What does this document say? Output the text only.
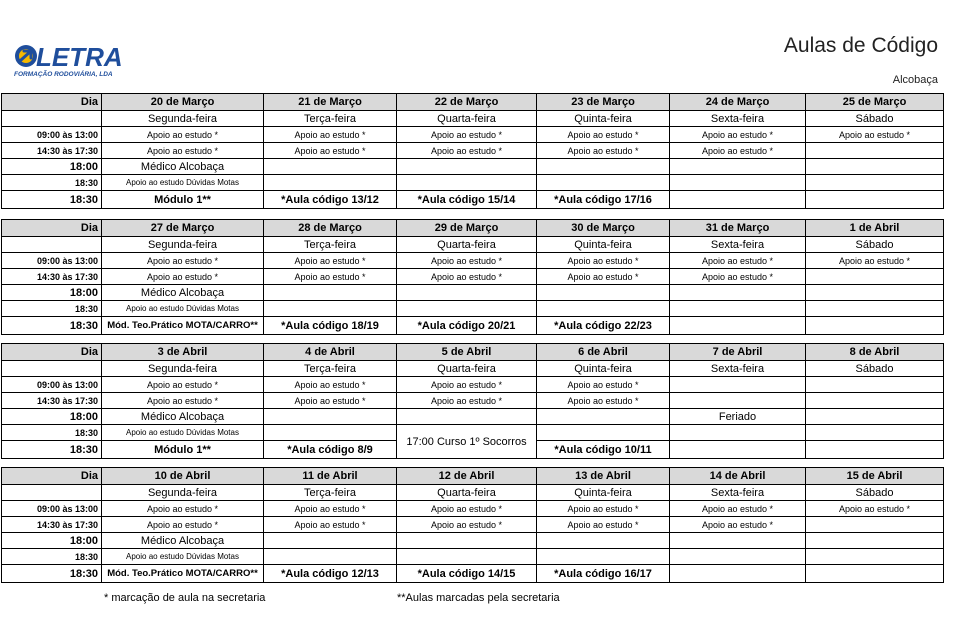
LETRA
FORMAÇÃO RODOVIÁRIA, LDA
Aulas de Código
Alcobaça
Dia	20 de Março	21 de Março	22 de Março	23 de Março	24 de Março	25 de Março
	Segunda-feira	Terça-feira	Quarta-feira	Quinta-feira	Sexta-feira	Sábado
09:00 às 13:00	Apoio ao estudo *	Apoio ao estudo *	Apoio ao estudo *	Apoio ao estudo *	Apoio ao estudo *	Apoio ao estudo *
14:30 às 17:30	Apoio ao estudo *	Apoio ao estudo *	Apoio ao estudo *	Apoio ao estudo *	Apoio ao estudo *	
18:00	Médico Alcobaça					
18:30	Apoio ao estudo Dúvidas Motas					
18:30	Módulo 1**	*Aula código 13/12	*Aula código 15/14	*Aula código 17/16		
Dia	27 de Março	28 de Março	29 de Março	30 de Março	31 de Março	1 de Abril
	Segunda-feira	Terça-feira	Quarta-feira	Quinta-feira	Sexta-feira	Sábado
09:00 às 13:00	Apoio ao estudo *	Apoio ao estudo *	Apoio ao estudo *	Apoio ao estudo *	Apoio ao estudo *	Apoio ao estudo *
14:30 às 17:30	Apoio ao estudo *	Apoio ao estudo *	Apoio ao estudo *	Apoio ao estudo *	Apoio ao estudo *	
18:00	Médico Alcobaça					
18:30	Apoio ao estudo Dúvidas Motas					
18:30	Mód. Teo.Prático MOTA/CARRO**	*Aula código 18/19	*Aula código 20/21	*Aula código 22/23		
Dia	3 de Abril	4 de Abril	5 de Abril	6 de Abril	7 de Abril	8 de Abril
	Segunda-feira	Terça-feira	Quarta-feira	Quinta-feira	Sexta-feira	Sábado
09:00 às 13:00	Apoio ao estudo *	Apoio ao estudo *	Apoio ao estudo *	Apoio ao estudo *		
14:30 às 17:30	Apoio ao estudo *	Apoio ao estudo *	Apoio ao estudo *	Apoio ao estudo *		
18:00	Médico Alcobaça				Feriado	
18:30	Apoio ao estudo Dúvidas Motas		17:00 Curso 1º Socorros			
18:30	Módulo 1**	*Aula código 8/9		*Aula código 10/11		
Dia	10 de Abril	11 de Abril	12 de Abril	13 de Abril	14 de Abril	15 de Abril
	Segunda-feira	Terça-feira	Quarta-feira	Quinta-feira	Sexta-feira	Sábado
09:00 às 13:00	Apoio ao estudo *	Apoio ao estudo *	Apoio ao estudo *	Apoio ao estudo *	Apoio ao estudo *	Apoio ao estudo *
14:30 às 17:30	Apoio ao estudo *	Apoio ao estudo *	Apoio ao estudo *	Apoio ao estudo *	Apoio ao estudo *	
18:00	Médico Alcobaça					
18:30	Apoio ao estudo Dúvidas Motas					
18:30	Mód. Teo.Prático MOTA/CARRO**	*Aula código 12/13	*Aula código 14/15	*Aula código 16/17		
* marcação de aula na secretaria	**Aulas marcadas pela secretaria
